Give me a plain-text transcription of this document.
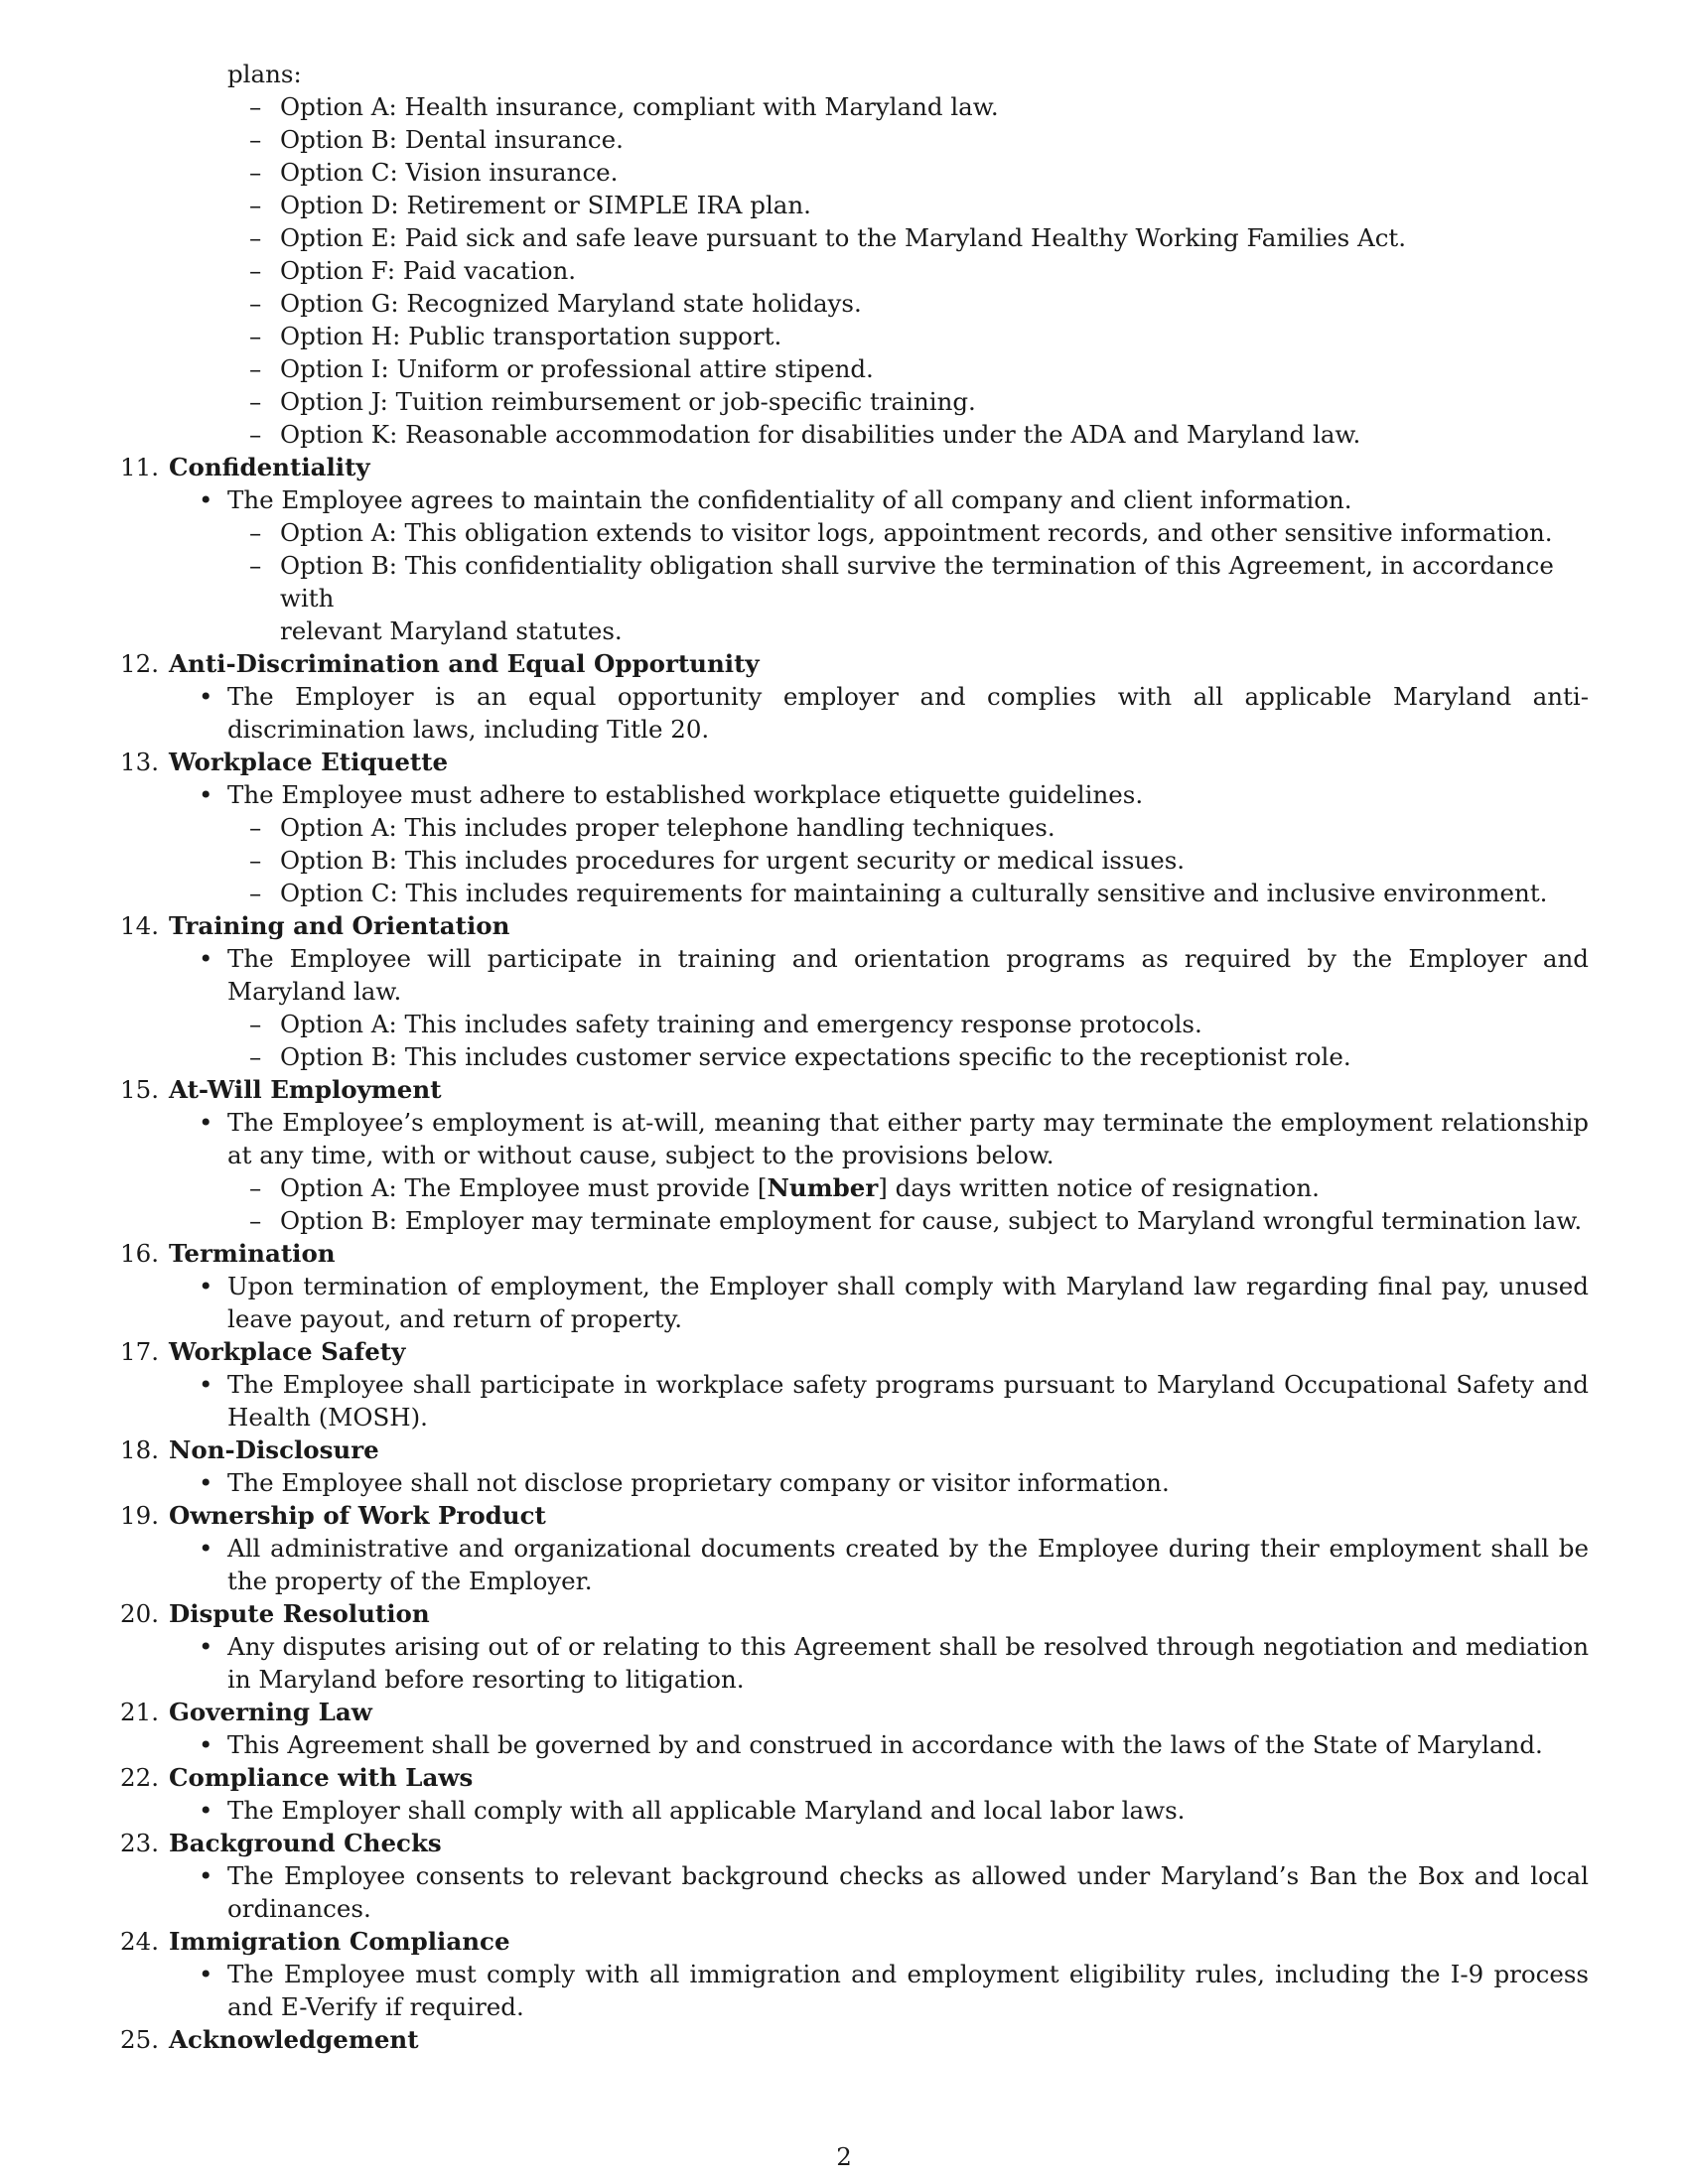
plans:
– Option A: Health insurance, compliant with Maryland law.
– Option B: Dental insurance.
– Option C: Vision insurance.
– Option D: Retirement or SIMPLE IRA plan.
– Option E: Paid sick and safe leave pursuant to the Maryland Healthy Working Families Act.
– Option F: Paid vacation.
– Option G: Recognized Maryland state holidays.
– Option H: Public transportation support.
– Option I: Uniform or professional attire stipend.
– Option J: Tuition reimbursement or job-specific training.
– Option K: Reasonable accommodation for disabilities under the ADA and Maryland law.
11. Confidentiality
• The Employee agrees to maintain the confidentiality of all company and client information.
– Option A: This obligation extends to visitor logs, appointment records, and other sensitive information.
– Option B: This confidentiality obligation shall survive the termination of this Agreement, in accordance with
relevant Maryland statutes.
12. Anti-Discrimination and Equal Opportunity
• The Employer is an equal opportunity employer and complies with all applicable Maryland anti-discrimination laws, including Title 20.
13. Workplace Etiquette
• The Employee must adhere to established workplace etiquette guidelines.
– Option A: This includes proper telephone handling techniques.
– Option B: This includes procedures for urgent security or medical issues.
– Option C: This includes requirements for maintaining a culturally sensitive and inclusive environment.
14. Training and Orientation
• The Employee will participate in training and orientation programs as required by the Employer and Maryland law.
– Option A: This includes safety training and emergency response protocols.
– Option B: This includes customer service expectations specific to the receptionist role.
15. At-Will Employment
• The Employee’s employment is at-will, meaning that either party may terminate the employment relationship at any time, with or without cause, subject to the provisions below.
– Option A: The Employee must provide [Number] days written notice of resignation.
– Option B: Employer may terminate employment for cause, subject to Maryland wrongful termination law.
16. Termination
• Upon termination of employment, the Employer shall comply with Maryland law regarding final pay, unused leave payout, and return of property.
17. Workplace Safety
• The Employee shall participate in workplace safety programs pursuant to Maryland Occupational Safety and Health (MOSH).
18. Non-Disclosure
• The Employee shall not disclose proprietary company or visitor information.
19. Ownership of Work Product
• All administrative and organizational documents created by the Employee during their employment shall be the property of the Employer.
20. Dispute Resolution
• Any disputes arising out of or relating to this Agreement shall be resolved through negotiation and mediation in Maryland before resorting to litigation.
21. Governing Law
• This Agreement shall be governed by and construed in accordance with the laws of the State of Maryland.
22. Compliance with Laws
• The Employer shall comply with all applicable Maryland and local labor laws.
23. Background Checks
• The Employee consents to relevant background checks as allowed under Maryland’s Ban the Box and local ordinances.
24. Immigration Compliance
• The Employee must comply with all immigration and employment eligibility rules, including the I-9 process and E-Verify if required.
25. Acknowledgement
2
